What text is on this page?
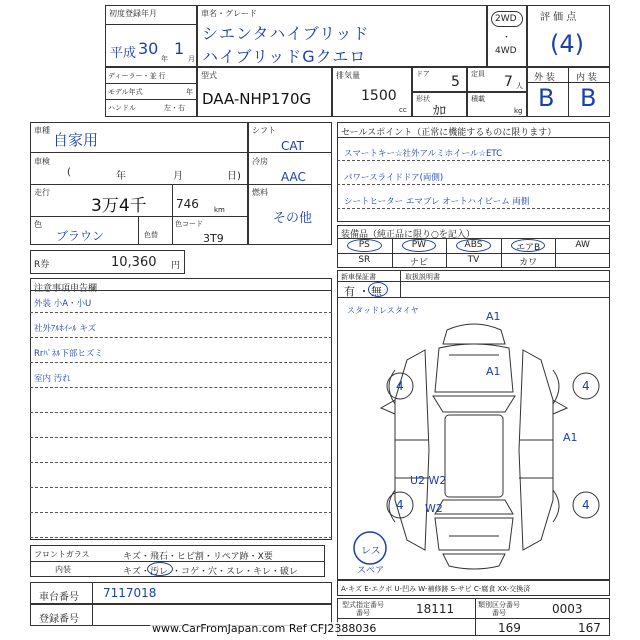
初度登録年月
平成 30
年
1
月
車名・グレード
シエンタハイブリッド
ハイブリッドGクエロ
2WD
・
4WD
評 価 点
(4)
ディーラー・並 行
モデル年式	年
ハンドル	左・右
型式
DAA-NHP170G
排気量
1500
cc
ドア 5 定員 7 人
形状
ｶﾛ
積載
kg
外 装 内 装
B B
車種
自家用
車検
(	年	月	日)
走行
3万4千 746 km
色
ブラウン	色替
色コード
3T9
シフト
CAT
冷房
AAC
燃料
その他
セールスポイント（正常に機能するものに限ります）
スマートキー☆社外アルミホイール☆ETC
パワースライドドア(両側)
シートヒーター エマブレ オートハイビーム 両側
装備品（純正品に限り○を記入）
PS	PW	ABS	エアB	AW
SR	ナビ	TV	カワ
新車保証書	取扱説明書
有 ・ 無
R券	10,360 円
注意事項申告欄
外装 小A・小U
社外ｱﾙﾎｲｰﾙ キズ
Rrﾊﾟﾈﾙ下部ヒズミ
室内 汚れ
スタッドレスタイヤ	A1
A1
A1
U2 W2
W2
4	4
4	4
レス
スペア
A-キズ E-エクボ U-凹み W-補修跡 S-サビ C-腐食 XX-交換済
フロントガラス	キズ・飛石・ヒビ割・リペア跡・X要
内装	キズ・ 汚レ ・コゲ・穴・スレ・キレ・破レ
車台番号 7117018
登録番号
型式指定番号
番号	18111	類別区分番号
番号	0003
169	167
www.CarFromJapan.com Ref CFJ2388036
